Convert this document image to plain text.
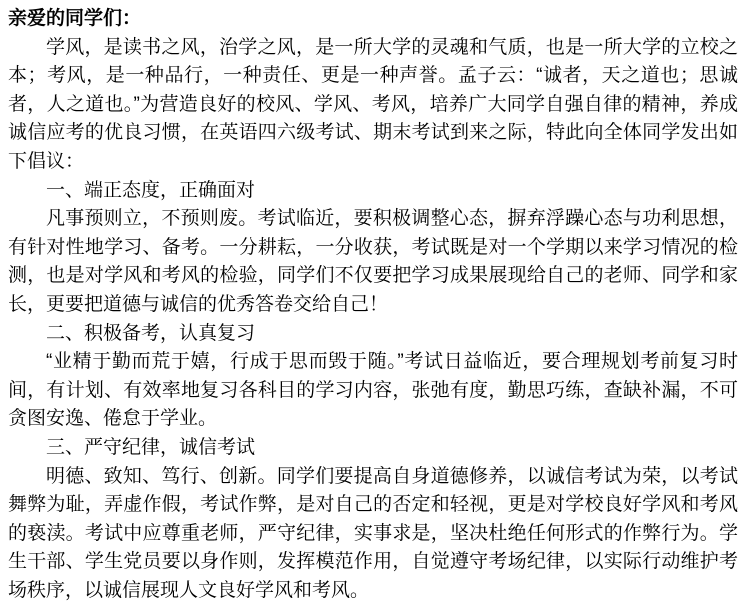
亲爱的同学们：

学风，是读书之风，治学之风，是一所大学的灵魂和气质，也是一所大学的立校之本；考风，是一种品行，一种责任、更是一种声誉。孟子云：“诚者，天之道也；思诚者，人之道也。”为营造良好的校风、学风、考风，培养广大同学自强自律的精神，养成诚信应考的优良习惯，在英语四六级考试、期末考试到来之际，特此向全体同学发出如下倡议：

一、端正态度，正确面对

凡事预则立，不预则废。考试临近，要积极调整心态，摒弃浮躁心态与功利思想，有针对性地学习、备考。一分耕耘，一分收获，考试既是对一个学期以来学习情况的检测，也是对学风和考风的检验，同学们不仅要把学习成果展现给自己的老师、同学和家长，更要把道德与诚信的优秀答卷交给自己！

二、积极备考，认真复习

“业精于勤而荒于嬉，行成于思而毁于随。”考试日益临近，要合理规划考前复习时间，有计划、有效率地复习各科目的学习内容，张弛有度，勤思巧练，查缺补漏，不可贪图安逸、倦怠于学业。

三、严守纪律，诚信考试

明德、致知、笃行、创新。同学们要提高自身道德修养，以诚信考试为荣，以考试舞弊为耻，弄虚作假，考试作弊，是对自己的否定和轻视，更是对学校良好学风和考风的亵渎。考试中应尊重老师，严守纪律，实事求是，坚决杜绝任何形式的作弊行为。学生干部、学生党员要以身作则，发挥模范作用，自觉遵守考场纪律，以实际行动维护考场秩序，以诚信展现人文良好学风和考风。
